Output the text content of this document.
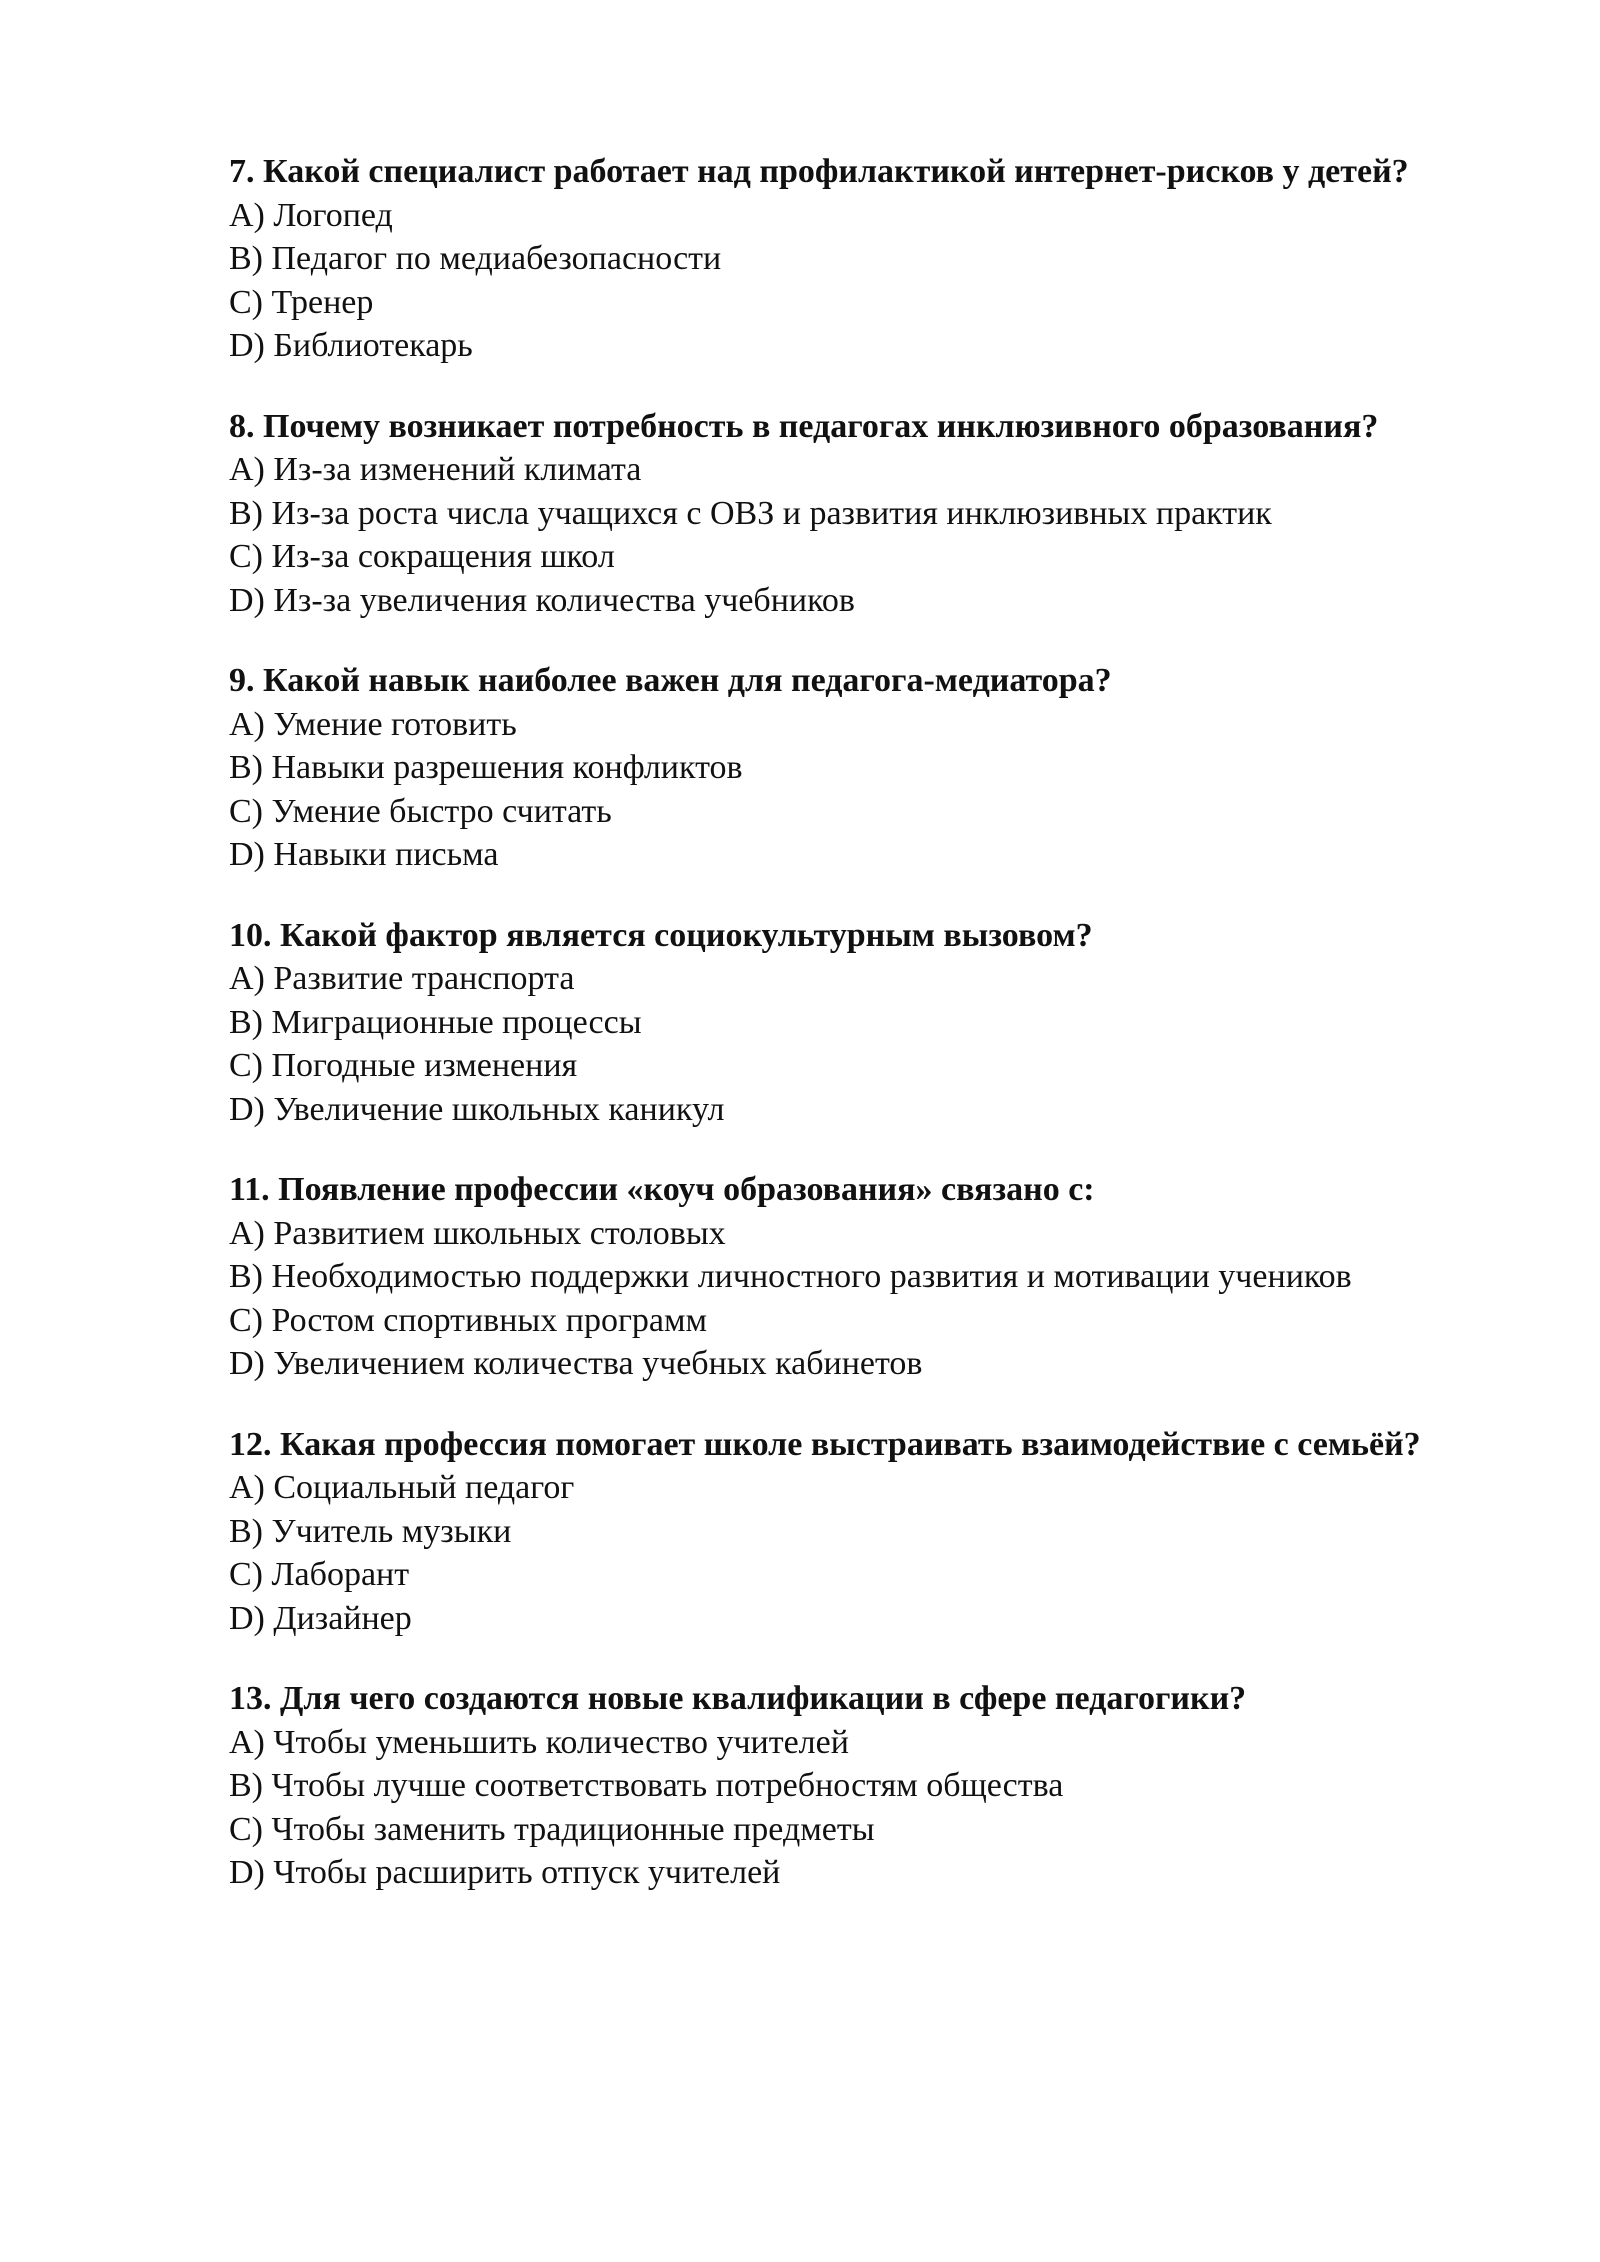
7. Какой специалист работает над профилактикой интернет-рисков у детей?

A) Логопед

B) Педагог по медиабезопасности

C) Тренер

D) Библиотекарь

8. Почему возникает потребность в педагогах инклюзивного образования?

A) Из-за изменений климата

B) Из-за роста числа учащихся с ОВЗ и развития инклюзивных практик

C) Из-за сокращения школ

D) Из-за увеличения количества учебников

9. Какой навык наиболее важен для педагога-медиатора?

A) Умение готовить

B) Навыки разрешения конфликтов

C) Умение быстро считать

D) Навыки письма

10. Какой фактор является социокультурным вызовом?

A) Развитие транспорта

B) Миграционные процессы

C) Погодные изменения

D) Увеличение школьных каникул

11. Появление профессии «коуч образования» связано с:

A) Развитием школьных столовых

B) Необходимостью поддержки личностного развития и мотивации учеников

C) Ростом спортивных программ

D) Увеличением количества учебных кабинетов

12. Какая профессия помогает школе выстраивать взаимодействие с семьёй?

A) Социальный педагог

B) Учитель музыки

C) Лаборант

D) Дизайнер

13. Для чего создаются новые квалификации в сфере педагогики?

A) Чтобы уменьшить количество учителей

B) Чтобы лучше соответствовать потребностям общества

C) Чтобы заменить традиционные предметы

D) Чтобы расширить отпуск учителей
